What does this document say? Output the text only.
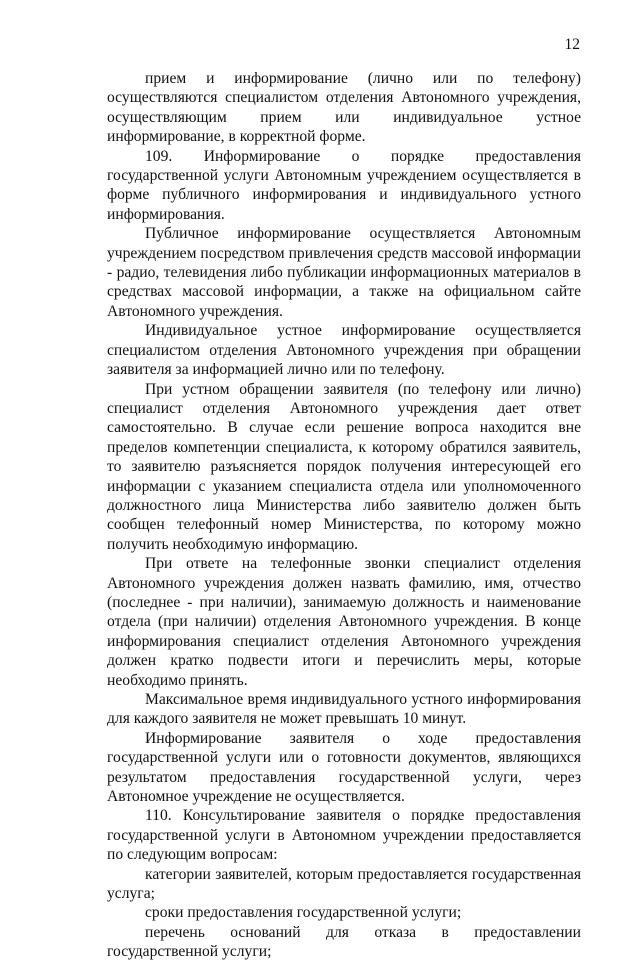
12

прием и информирование (лично или по телефону) осуществляются специалистом отделения Автономного учреждения, осуществляющим прием или индивидуальное устное информирование, в корректной форме.

109. Информирование о порядке предоставления государственной услуги Автономным учреждением осуществляется в форме публичного информирования и индивидуального устного информирования.

Публичное информирование осуществляется Автономным учреждением посредством привлечения средств массовой информации - радио, телевидения либо публикации информационных материалов в средствах массовой информации, а также на официальном сайте Автономного учреждения.

Индивидуальное устное информирование осуществляется специалистом отделения Автономного учреждения при обращении заявителя за информацией лично или по телефону.

При устном обращении заявителя (по телефону или лично) специалист отделения Автономного учреждения дает ответ самостоятельно. В случае если решение вопроса находится вне пределов компетенции специалиста, к которому обратился заявитель, то заявителю разъясняется порядок получения интересующей его информации с указанием специалиста отдела или уполномоченного должностного лица Министерства либо заявителю должен быть сообщен телефонный номер Министерства, по которому можно получить необходимую информацию.

При ответе на телефонные звонки специалист отделения Автономного учреждения должен назвать фамилию, имя, отчество (последнее - при наличии), занимаемую должность и наименование отдела (при наличии) отделения Автономного учреждения. В конце информирования специалист отделения Автономного учреждения должен кратко подвести итоги и перечислить меры, которые необходимо принять.

Максимальное время индивидуального устного информирования для каждого заявителя не может превышать 10 минут.

Информирование заявителя о ходе предоставления государственной услуги или о готовности документов, являющихся результатом предоставления государственной услуги, через Автономное учреждение не осуществляется.

110. Консультирование заявителя о порядке предоставления государственной услуги в Автономном учреждении предоставляется по следующим вопросам:

категории заявителей, которым предоставляется государственная услуга;

сроки предоставления государственной услуги;

перечень оснований для отказа в предоставлении государственной услуги;
